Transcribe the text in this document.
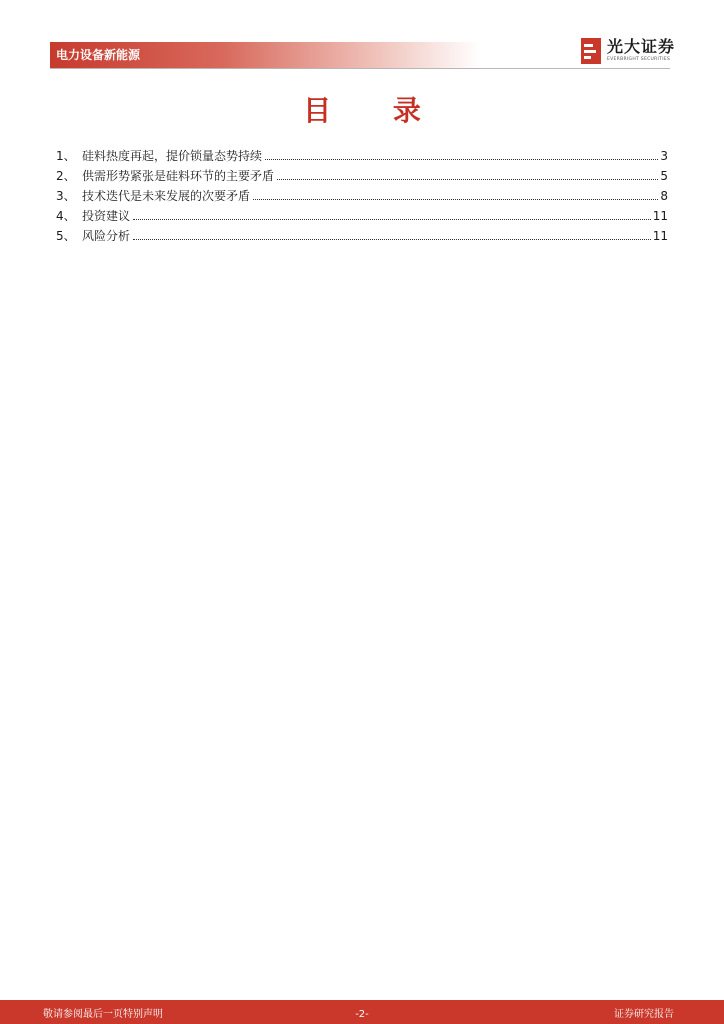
电力设备新能源	光大证券
EVERBRIGHT SECURITIES
目 录
1、 硅料热度再起，提价锁量态势持续	3
2、 供需形势紧张是硅料环节的主要矛盾	5
3、 技术迭代是未来发展的次要矛盾	8
4、 投资建议	11
5、 风险分析	11
敬请参阅最后一页特别声明	-2-	证券研究报告
